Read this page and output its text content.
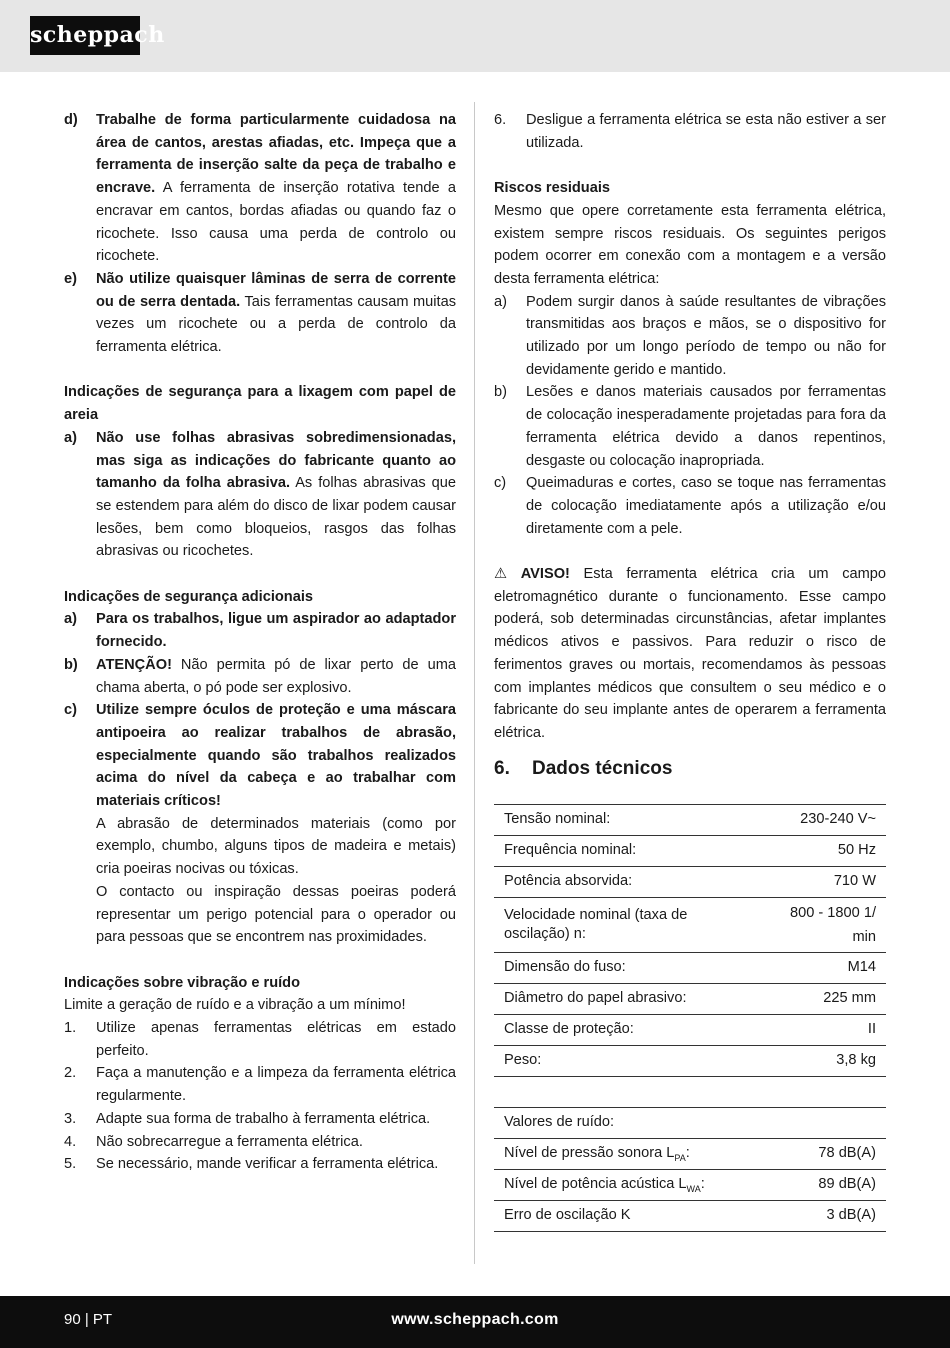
scheppach
d)	Trabalhe de forma particularmente cuidadosa na área de cantos, arestas afiadas, etc. Impeça que a ferramenta de inserção salte da peça de trabalho e encrave. A ferramenta de inserção rotativa tende a encravar em cantos, bordas afiadas ou quando faz o ricochete. Isso causa uma perda de controlo ou ricochete.
e)	Não utilize quaisquer lâminas de serra de corrente ou de serra dentada. Tais ferramentas causam muitas vezes um ricochete ou a perda de controlo da ferramenta elétrica.

Indicações de segurança para a lixagem com papel de areia

a)	Não use folhas abrasivas sobredimensionadas, mas siga as indicações do fabricante quanto ao tamanho da folha abrasiva. As folhas abrasivas que se estendem para além do disco de lixar podem causar lesões, bem como bloqueios, rasgos das folhas abrasivas ou ricochetes.

Indicações de segurança adicionais

a)	Para os trabalhos, ligue um aspirador ao adaptador fornecido.
b)	ATENÇÃO! Não permita pó de lixar perto de uma chama aberta, o pó pode ser explosivo.
c)	Utilize sempre óculos de proteção e uma máscara antipoeira ao realizar trabalhos de abrasão, especialmente quando são trabalhos realizados acima do nível da cabeça e ao trabalhar com materiais críticos!

A abrasão de determinados materiais (como por exemplo, chumbo, alguns tipos de madeira e metais) cria poeiras nocivas ou tóxicas.

O contacto ou inspiração dessas poeiras poderá representar um perigo potencial para o operador ou para pessoas que se encontrem nas proximidades.

Indicações sobre vibração e ruído

Limite a geração de ruído e a vibração a um mínimo!

1.	Utilize apenas ferramentas elétricas em estado perfeito.
2.	Faça a manutenção e a limpeza da ferramenta elétrica regularmente.
3.	Adapte sua forma de trabalho à ferramenta elétrica.
4.	Não sobrecarregue a ferramenta elétrica.
5.	Se necessário, mande verificar a ferramenta elétrica.
6.	Desligue a ferramenta elétrica se esta não estiver a ser utilizada.

Riscos residuais

Mesmo que opere corretamente esta ferramenta elétrica, existem sempre riscos residuais. Os seguintes perigos podem ocorrer em conexão com a montagem e a versão desta ferramenta elétrica:

a)	Podem surgir danos à saúde resultantes de vibrações transmitidas aos braços e mãos, se o dispositivo for utilizado por um longo período de tempo ou não for devidamente gerido e mantido.
b)	Lesões e danos materiais causados por ferramentas de colocação inesperadamente projetadas para fora da ferramenta elétrica devido a danos repentinos, desgaste ou colocação inapropriada.
c)	Queimaduras e cortes, caso se toque nas ferramentas de colocação imediatamente após a utilização e/ou diretamente com a pele.

⚠ AVISO! Esta ferramenta elétrica cria um campo eletromagnético durante o funcionamento. Esse campo poderá, sob determinadas circunstâncias, afetar implantes médicos ativos e passivos. Para reduzir o risco de ferimentos graves ou mortais, recomendamos às pessoas com implantes médicos que consultem o seu médico e o fabricante do seu implante antes de operarem a ferramenta elétrica.

6. Dados técnicos

Tensão nominal:	230-240 V~
Frequência nominal:	50 Hz
Potência absorvida:	710 W
Velocidade nominal (taxa de oscilação) n:	800 - 1800 1/ min
Dimensão do fuso:	M14
Diâmetro do papel abrasivo:	225 mm
Classe de proteção:	II
Peso:	3,8 kg
Valores de ruído:	
Nível de pressão sonora $L_{PA}$:	78 dB(A)
Nível de potência acústica $L_{WA}$:	89 dB(A)
Erro de oscilação K	3 dB(A)
90 | PT	www.scheppach.com
